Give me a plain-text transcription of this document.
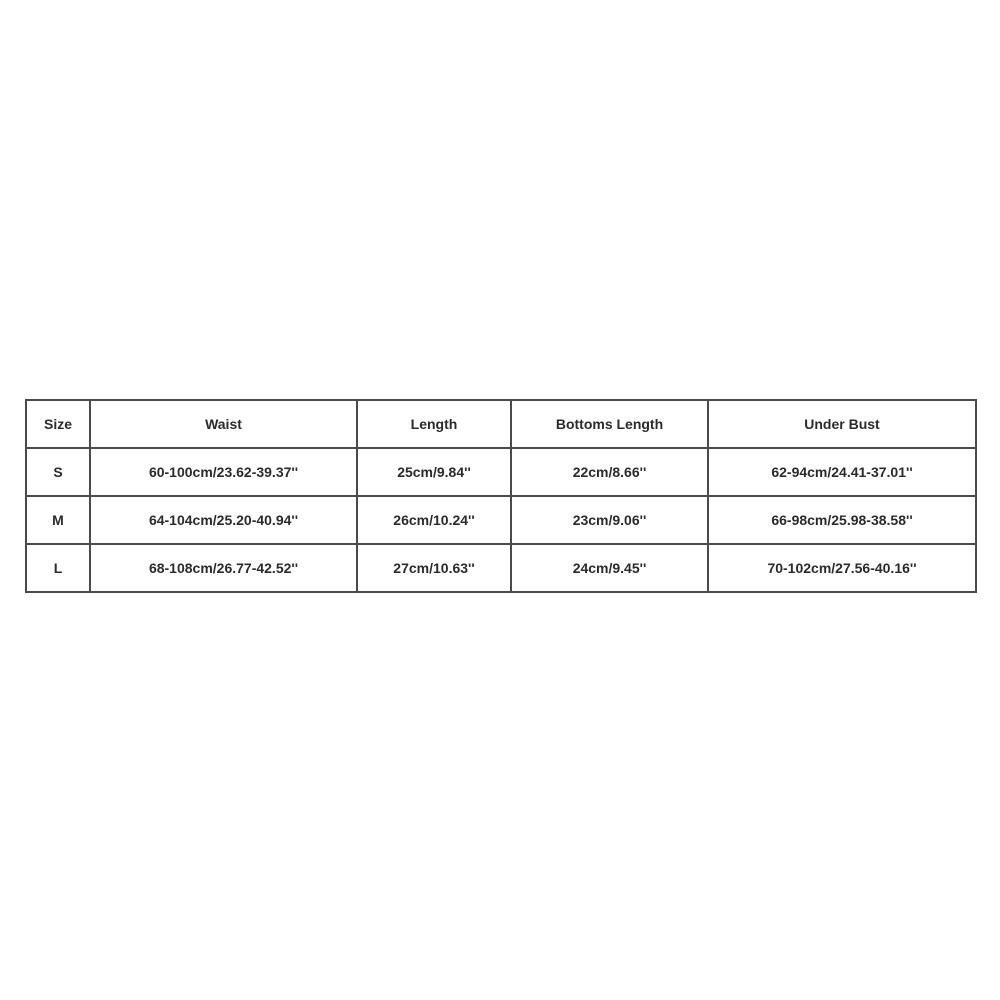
Size	Waist	Length	Bottoms Length	Under Bust
S	60-100cm/23.62-39.37''	25cm/9.84''	22cm/8.66''	62-94cm/24.41-37.01''
M	64-104cm/25.20-40.94''	26cm/10.24''	23cm/9.06''	66-98cm/25.98-38.58''
L	68-108cm/26.77-42.52''	27cm/10.63''	24cm/9.45''	70-102cm/27.56-40.16''
